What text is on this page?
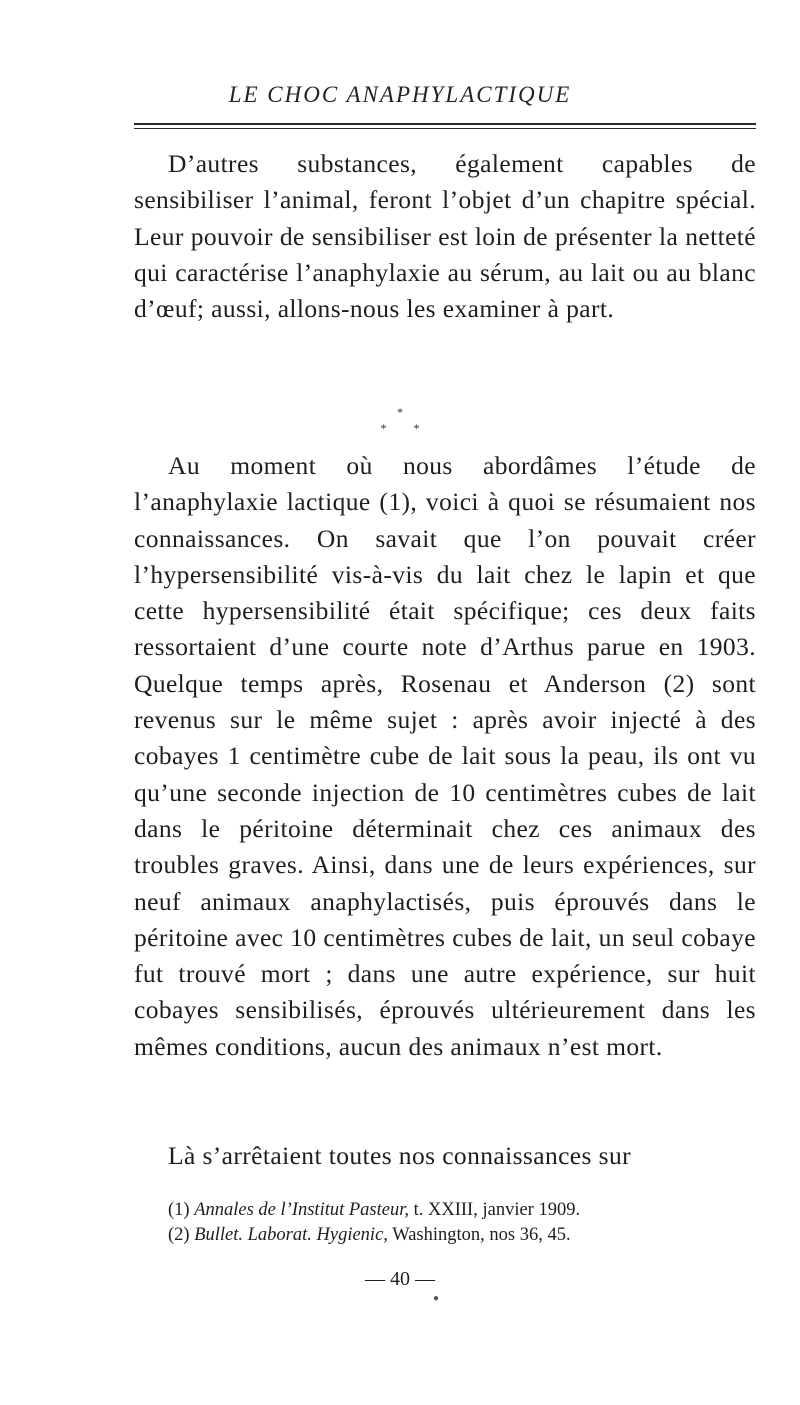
LE CHOC ANAPHYLACTIQUE

D’autres substances, également capables de sensibiliser l’animal, feront l’objet d’un chapitre spécial. Leur pouvoir de sensibiliser est loin de présenter la netteté qui caractérise l’anaphylaxie au sérum, au lait ou au blanc d’œuf; aussi, allons-nous les examiner à part.

*
* *

Au moment où nous abordâmes l’étude de l’anaphylaxie lactique (1), voici à quoi se résumaient nos connaissances. On savait que l’on pouvait créer l’hypersensibilité vis-à-vis du lait chez le lapin et que cette hypersensibilité était spécifique; ces deux faits ressortaient d’une courte note d’Arthus parue en 1903. Quelque temps après, Rosenau et Anderson (2) sont revenus sur le même sujet : après avoir injecté à des cobayes 1 centimètre cube de lait sous la peau, ils ont vu qu’une seconde injection de 10 centimètres cubes de lait dans le péritoine déterminait chez ces animaux des troubles graves. Ainsi, dans une de leurs expériences, sur neuf animaux anaphylactisés, puis éprouvés dans le péritoine avec 10 centimètres cubes de lait, un seul cobaye fut trouvé mort ; dans une autre expérience, sur huit cobayes sensibilisés, éprouvés ultérieurement dans les mêmes conditions, aucun des animaux n’est mort.

Là s’arrêtaient toutes nos connaissances sur

(1) Annales de l’Institut Pasteur, t. XXIII, janvier 1909.
(2) Bullet. Laborat. Hygienic, Washington, nos 36, 45.
— 40 —
●
